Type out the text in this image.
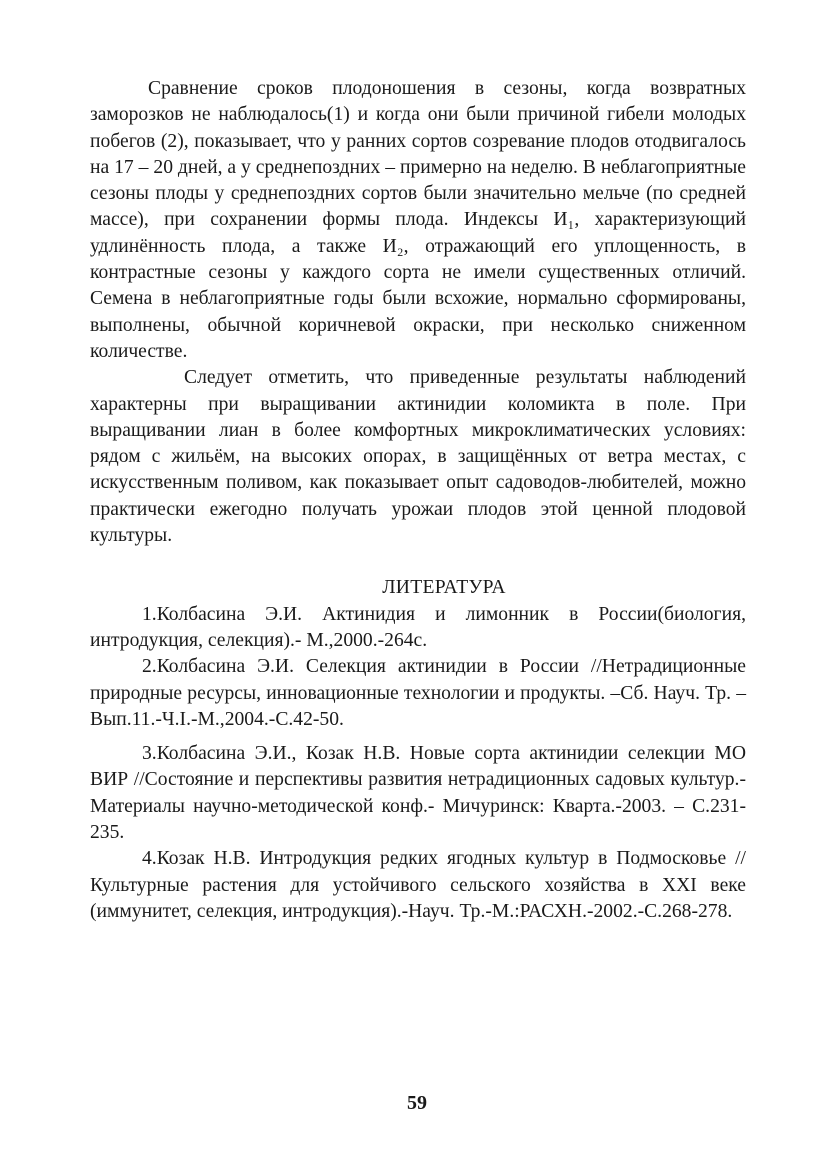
Сравнение сроков плодоношения в сезоны, когда возвратных заморозков не наблюдалось(1) и когда они были причиной гибели молодых побегов (2), показывает, что у ранних сортов созревание плодов отодвигалось на 17 – 20 дней, а у среднепоздних – примерно на неделю. В неблагоприятные сезоны плоды у среднепоздних сортов были значительно мельче (по средней массе), при сохранении формы плода. Индексы И₁, характеризующий удлинённость плода, а также И₂, отражающий его уплощенность, в контрастные сезоны у каждого сорта не имели существенных отличий. Семена в неблагоприятные годы были всхожие, нормально сформированы, выполнены, обычной коричневой окраски, при несколько сниженном количестве.

Следует отметить, что приведенные результаты наблюдений характерны при выращивании актинидии коломикта в поле. При выращивании лиан в более комфортных микроклиматических условиях: рядом с жильём, на высоких опорах, в защищённых от ветра местах, с искусственным поливом, как показывает опыт садоводов-любителей, можно практически ежегодно получать урожаи плодов этой ценной плодовой культуры.

ЛИТЕРАТУРА

1.Колбасина Э.И. Актинидия и лимонник в России(биология, интродукция, селекция).- М.,2000.-264с.

2.Колбасина Э.И. Селекция актинидии в России //Нетрадиционные природные ресурсы, инновационные технологии и продукты. –Сб. Науч. Тр. – Вып.11.-Ч.I.-М.,2004.-С.42-50.

3.Колбасина Э.И., Козак Н.В. Новые сорта актинидии селекции МО ВИР //Состояние и перспективы развития нетрадиционных садовых культур.- Материалы научно-методической конф.- Мичуринск: Кварта.-2003. – С.231-235.

4.Козак Н.В. Интродукция редких ягодных культур в Подмосковье //Культурные растения для устойчивого сельского хозяйства в XXI веке (иммунитет, селекция, интродукция).-Науч. Тр.-М.:РАСХН.-2002.-С.268-278.

59
